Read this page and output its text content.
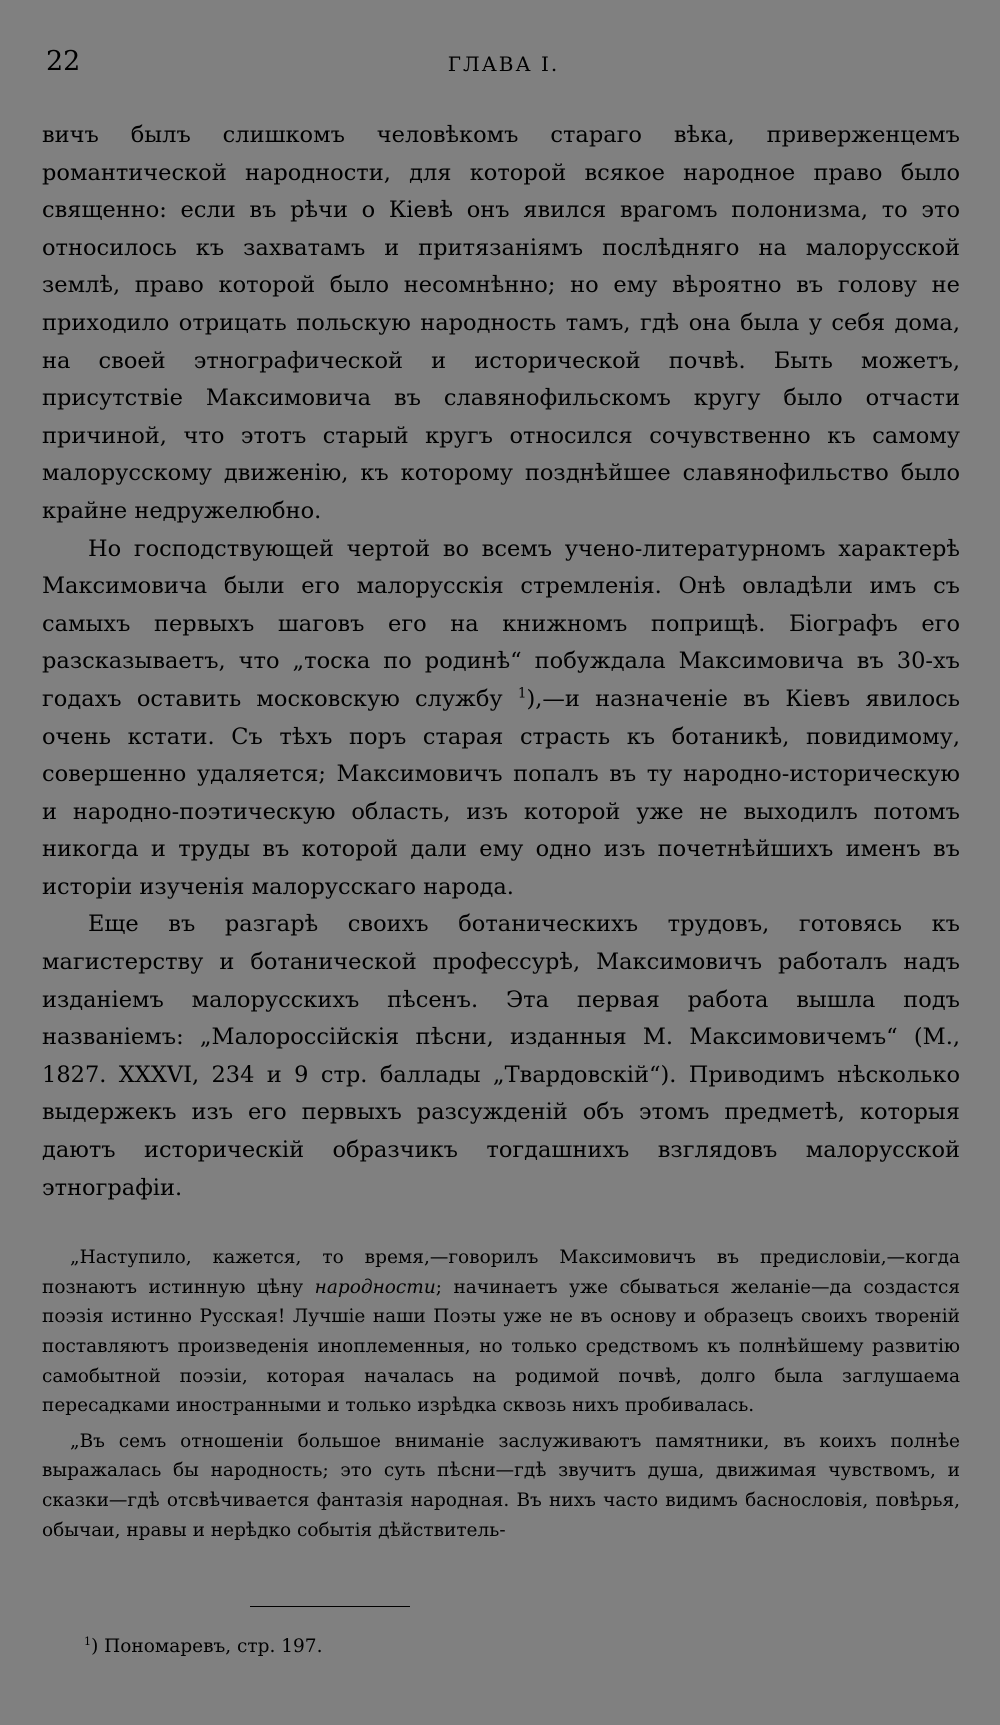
22	ГЛАВА I.

вичъ былъ слишкомъ человѣкомъ стараго вѣка, приверженцемъ романтической народности, для которой всякое народное право было священно: если въ рѣчи о Кіевѣ онъ явился врагомъ полонизма, то это относилось къ захватамъ и притязаніямъ послѣдняго на малорусской землѣ, право которой было несомнѣнно; но ему вѣроятно въ голову не приходило отрицать польскую народность тамъ, гдѣ она была у себя дома, на своей этнографической и исторической почвѣ. Быть можетъ, присутствіе Максимовича въ славянофильскомъ кругу было отчасти причиной, что этотъ старый кругъ относился сочувственно къ самому малорусскому движенію, къ которому позднѣйшее славянофильство было крайне недружелюбно.

Но господствующей чертой во всемъ учено-литературномъ характерѣ Максимовича были его малорусскія стремленія. Онѣ овладѣли имъ съ самыхъ первыхъ шаговъ его на книжномъ поприщѣ. Біографъ его разсказываетъ, что „тоска по родинѣ“ побуждала Максимовича въ 30-хъ годахъ оставить московскую службу $^1$),—и назначеніе въ Кіевъ явилось очень кстати. Съ тѣхъ поръ старая страсть къ ботаникѣ, повидимому, совершенно удаляется; Максимовичъ попалъ въ ту народно-историческую и народно-поэтическую область, изъ которой уже не выходилъ потомъ никогда и труды въ которой дали ему одно изъ почетнѣйшихъ именъ въ исторіи изученія малорусскаго народа.

Еще въ разгарѣ своихъ ботаническихъ трудовъ, готовясь къ магистерству и ботанической профессурѣ, Максимовичъ работалъ надъ изданіемъ малорусскихъ пѣсенъ. Эта первая работа вышла подъ названіемъ: „Малороссійскія пѣсни, изданныя М. Максимовичемъ“ (М., 1827. XXXVI, 234 и 9 стр. баллады „Твардовскій“). Приводимъ нѣсколько выдержекъ изъ его первыхъ разсужденій объ этомъ предметѣ, которыя даютъ историческій образчикъ тогдашнихъ взглядовъ малорусской этнографіи.

„Наступило, кажется, то время,—говорилъ Максимовичъ въ предисловіи,—когда познаютъ истинную цѣну народности; начинаетъ уже сбываться желаніе—да создастся поэзія истинно Русская! Лучшіе наши Поэты уже не въ основу и образецъ своихъ твореній поставляютъ произведенія иноплеменныя, но только средствомъ къ полнѣйшему развитію самобытной поэзіи, которая началась на родимой почвѣ, долго была заглушаема пересадками иностранными и только изрѣдка сквозь нихъ пробивалась.

„Въ семъ отношеніи большое вниманіе заслуживаютъ памятники, въ коихъ полнѣе выражалась бы народность; это суть пѣсни—гдѣ звучитъ душа, движимая чувствомъ, и сказки—гдѣ отсвѣчивается фантазія народная. Въ нихъ часто видимъ баснословія, повѣрья, обычаи, нравы и нерѣдко событія дѣйствитель-

$^1$) Пономаревъ, стр. 197.
